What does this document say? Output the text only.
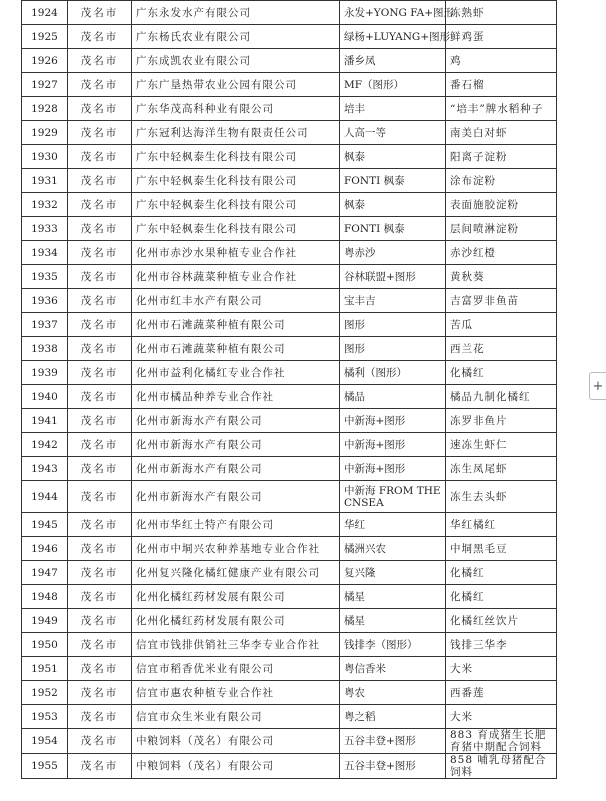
1924	茂名市	广东永发水产有限公司	永发+YONG FA+图形	冻熟虾
1925	茂名市	广东杨氏农业有限公司	绿杨+LUYANG+图形	鲜鸡蛋
1926	茂名市	广东成凯农业有限公司	潘乡凤	鸡
1927	茂名市	广东广垦热带农业公园有限公司	MF（图形）	番石榴
1928	茂名市	广东华茂高科种业有限公司	培丰	“培丰”牌水稻种子
1929	茂名市	广东冠利达海洋生物有限责任公司	人高一等	南美白对虾
1930	茂名市	广东中轻枫泰生化科技有限公司	枫泰	阳离子淀粉
1931	茂名市	广东中轻枫泰生化科技有限公司	FONTI 枫泰	涂布淀粉
1932	茂名市	广东中轻枫泰生化科技有限公司	枫泰	表面施胶淀粉
1933	茂名市	广东中轻枫泰生化科技有限公司	FONTI 枫泰	层间喷淋淀粉
1934	茂名市	化州市赤沙水果种植专业合作社	粤赤沙	赤沙红橙
1935	茂名市	化州市谷林蔬菜种植专业合作社	谷林联盟+图形	黄秋葵
1936	茂名市	化州市红丰水产有限公司	宝丰吉	吉富罗非鱼苗
1937	茂名市	化州市石滩蔬菜种植有限公司	图形	苦瓜
1938	茂名市	化州市石滩蔬菜种植有限公司	图形	西兰花
1939	茂名市	化州市益利化橘红专业合作社	橘利（图形）	化橘红
1940	茂名市	化州市橘品种养专业合作社	橘品	橘品九制化橘红
1941	茂名市	化州市新海水产有限公司	中新海+图形	冻罗非鱼片
1942	茂名市	化州市新海水产有限公司	中新海+图形	速冻生虾仁
1943	茂名市	化州市新海水产有限公司	中新海+图形	冻生凤尾虾
1944	茂名市	化州市新海水产有限公司	中新海 FROM THE CNSEA	冻生去头虾
1945	茂名市	化州市华红土特产有限公司	华红	华红橘红
1946	茂名市	化州市中垌兴农种养基地专业合作社	橘洲兴农	中垌黑毛豆
1947	茂名市	化州复兴隆化橘红健康产业有限公司	复兴隆	化橘红
1948	茂名市	化州化橘红药材发展有限公司	橘星	化橘红
1949	茂名市	化州化橘红药材发展有限公司	橘星	化橘红丝饮片
1950	茂名市	信宜市钱排供销社三华李专业合作社	钱排李（图形）	钱排三华李
1951	茂名市	信宜市稻香优米业有限公司	粤信香米	大米
1952	茂名市	信宜市惠农种植专业合作社	粤农	西番莲
1953	茂名市	信宜市众生米业有限公司	粤之稻	大米
1954	茂名市	中粮饲料（茂名）有限公司	五谷丰登+图形	883 育成猪生长肥育猪中期配合饲料
1955	茂名市	中粮饲料（茂名）有限公司	五谷丰登+图形	858 哺乳母猪配合饲料
+
